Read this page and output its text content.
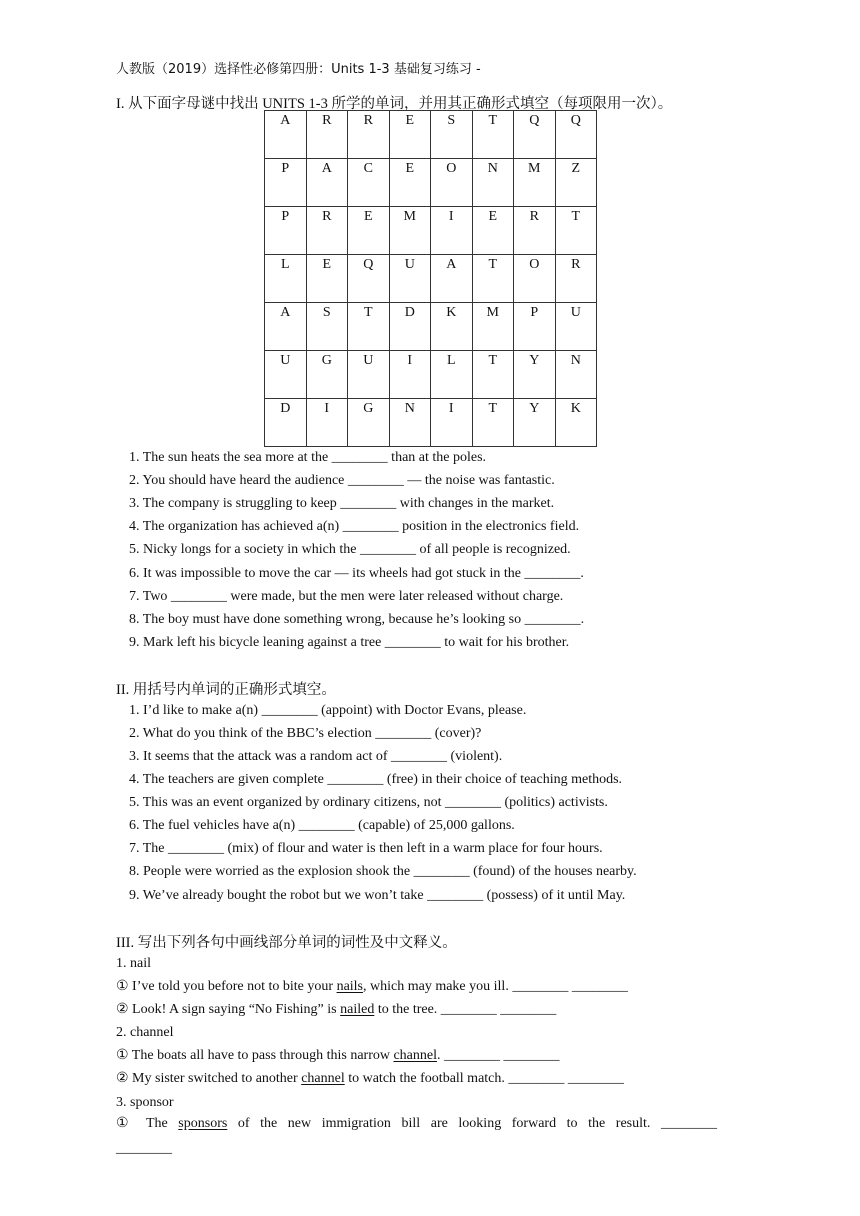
人教版（2019）选择性必修第四册：Units 1-3 基础复习练习 -
I. 从下面字母谜中找出 UNITS 1-3 所学的单词，并用其正确形式填空（每项限用一次）。
A	R	R	E	S	T	Q	Q
P	A	C	E	O	N	M	Z
P	R	E	M	I	E	R	T
L	E	Q	U	A	T	O	R
A	S	T	D	K	M	P	U
U	G	U	I	L	T	Y	N
D	I	G	N	I	T	Y	K
1. The sun heats the sea more at the ________ than at the poles.
2. You should have heard the audience ________ — the noise was fantastic.
3. The company is struggling to keep ________ with changes in the market.
4. The organization has achieved a(n) ________ position in the electronics field.
5. Nicky longs for a society in which the ________ of all people is recognized.
6. It was impossible to move the car — its wheels had got stuck in the ________.
7. Two ________ were made, but the men were later released without charge.
8. The boy must have done something wrong, because he’s looking so ________.
9. Mark left his bicycle leaning against a tree ________ to wait for his brother.
II. 用括号内单词的正确形式填空。
1. I’d like to make a(n) ________ (appoint) with Doctor Evans, please.
2. What do you think of the BBC’s election ________ (cover)?
3. It seems that the attack was a random act of ________ (violent).
4. The teachers are given complete ________ (free) in their choice of teaching methods.
5. This was an event organized by ordinary citizens, not ________ (politics) activists.
6. The fuel vehicles have a(n) ________ (capable) of 25,000 gallons.
7. The ________ (mix) of flour and water is then left in a warm place for four hours.
8. People were worried as the explosion shook the ________ (found) of the houses nearby.
9. We’ve already bought the robot but we won’t take ________ (possess) of it until May.
III. 写出下列各句中画线部分单词的词性及中文释义。
1. nail
① I’ve told you before not to bite your nails, which may make you ill. ________ ________
② Look! A sign saying “No Fishing” is nailed to the tree. ________ ________
2. channel
① The boats all have to pass through this narrow channel. ________ ________
② My sister switched to another channel to watch the football match. ________ ________
3. sponsor
① The sponsors of the new immigration bill are looking forward to the result. ________
________
